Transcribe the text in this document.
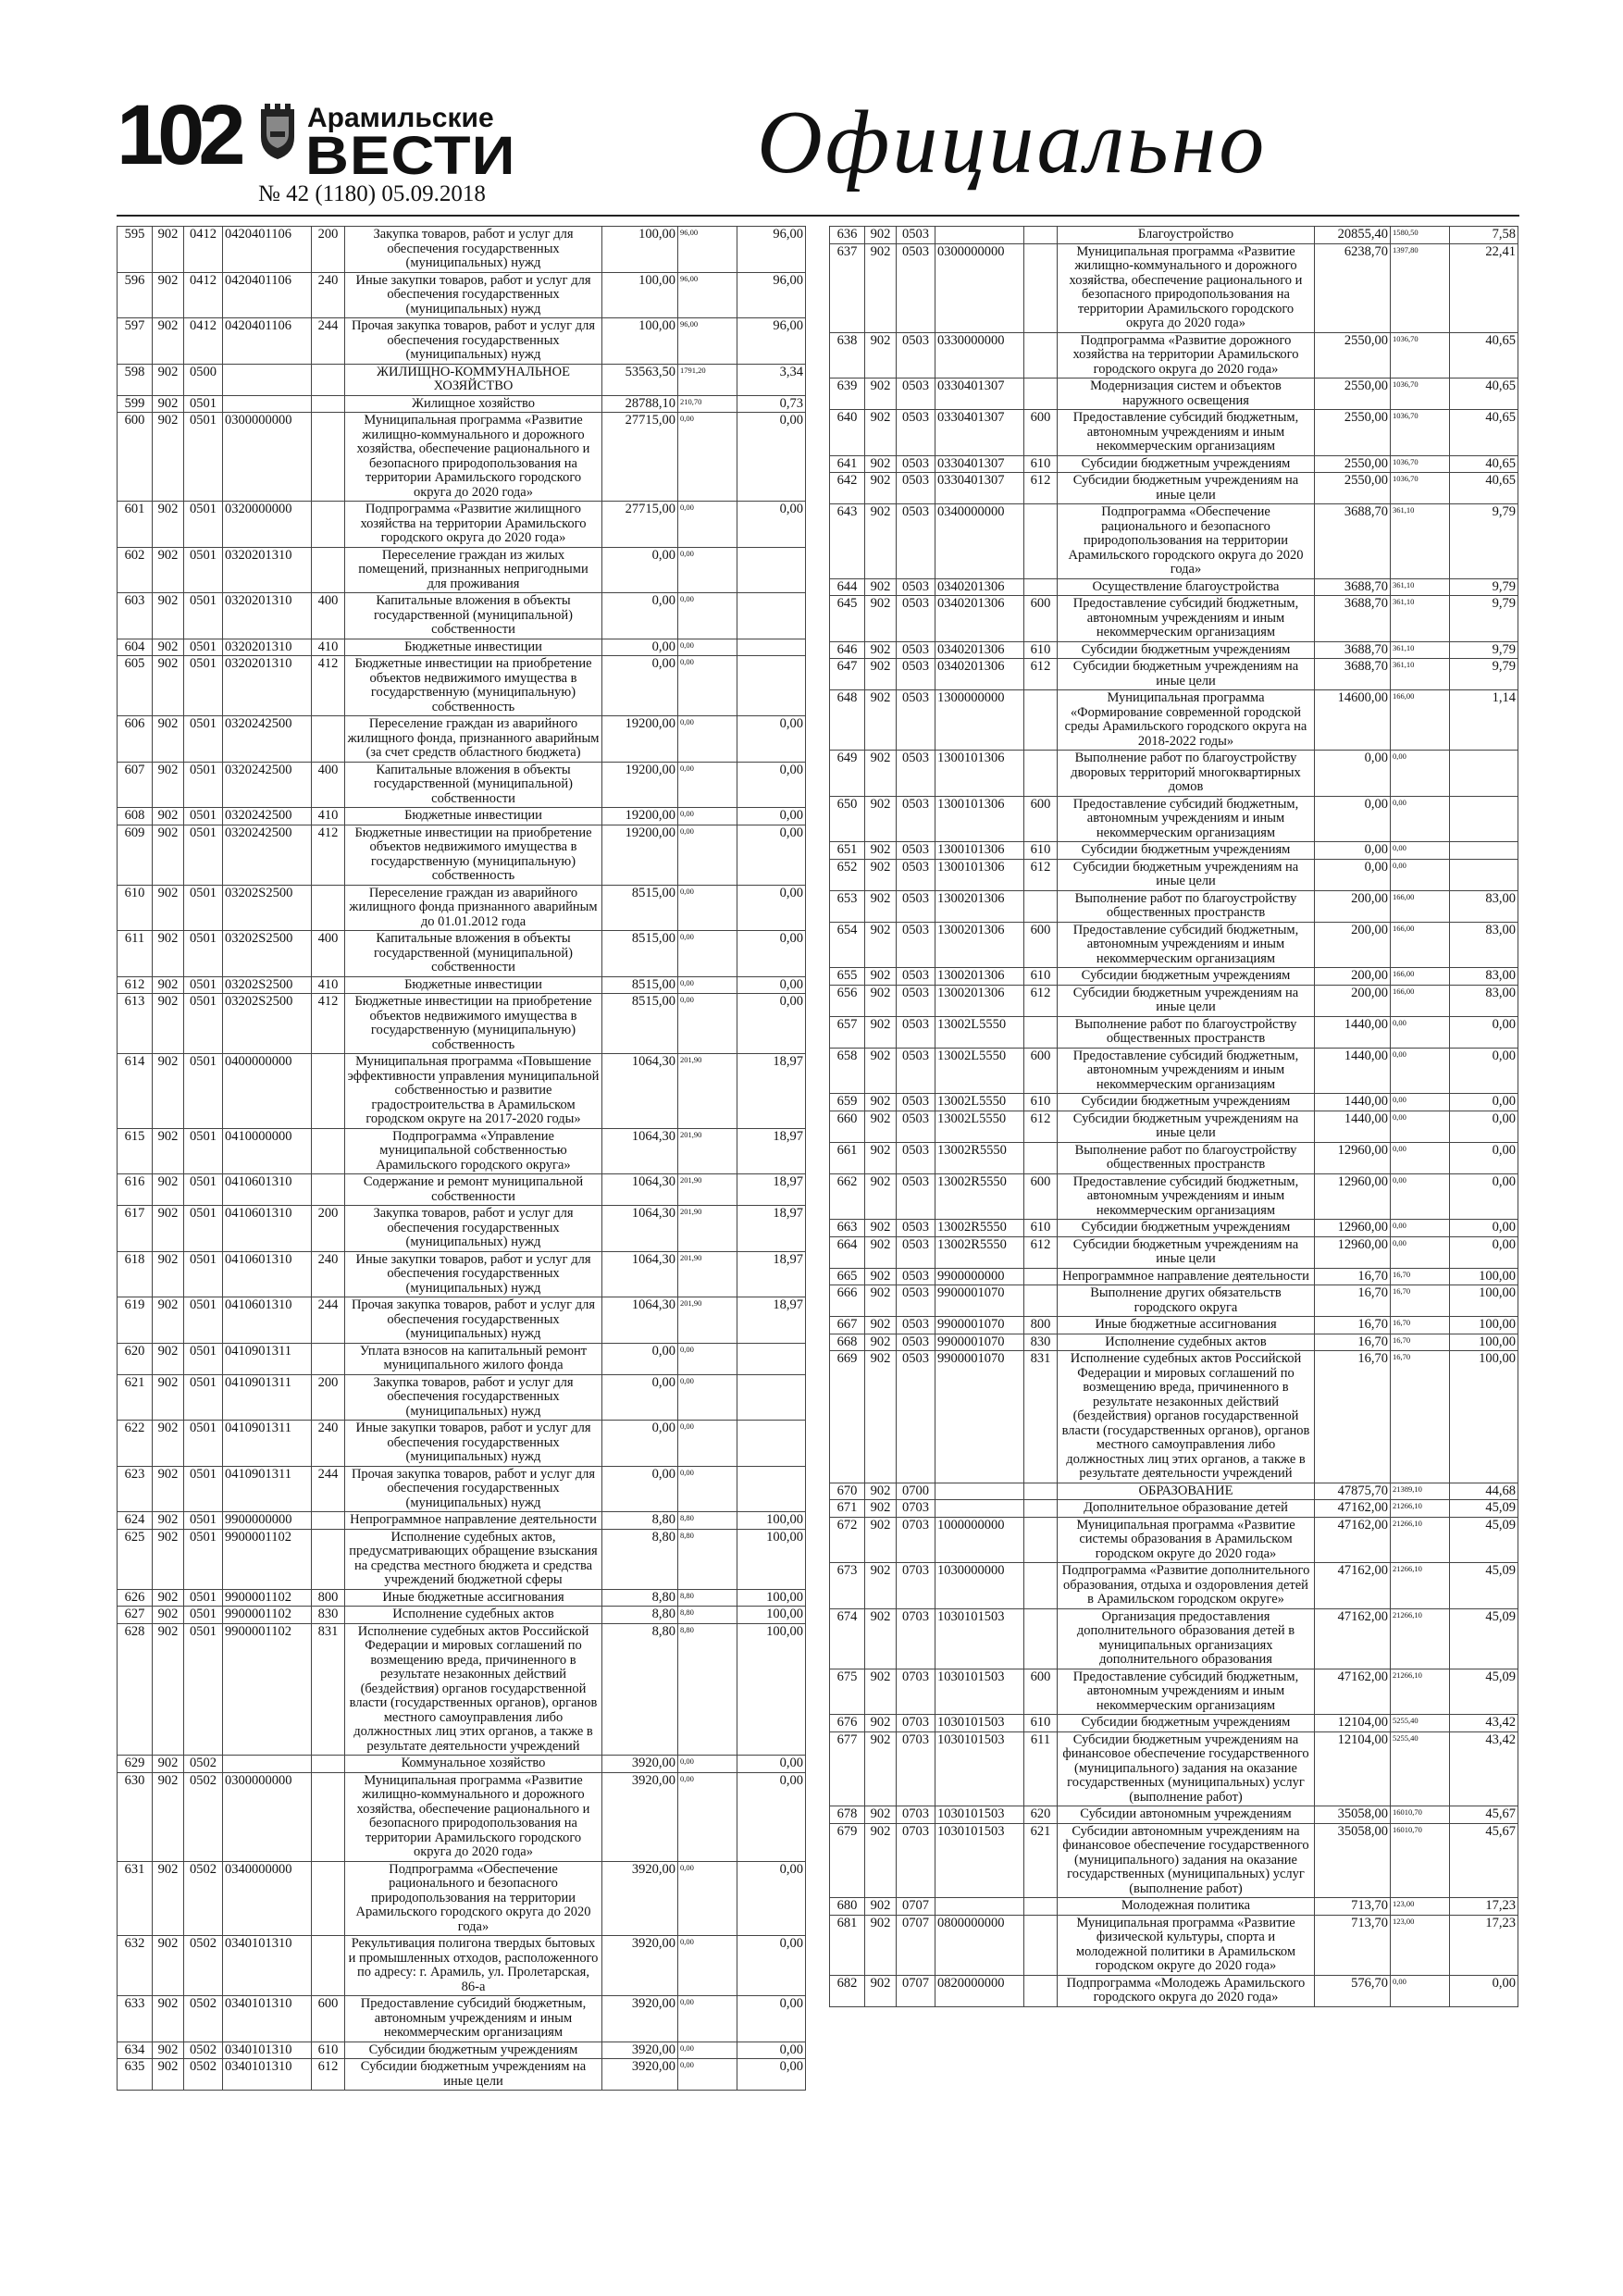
102 Арамильские
ВЕСТИ
№ 42 (1180) 05.09.2018
Официально
595	902	0412	0420401106	200	Закупка товаров, работ и услуг для обеспечения государственных (муниципальных) нужд	100,00	96,00	96,00
596	902	0412	0420401106	240	Иные закупки товаров, работ и услуг для обеспечения государственных (муниципальных) нужд	100,00	96,00	96,00
597	902	0412	0420401106	244	Прочая закупка товаров, работ и услуг для обеспечения государственных (муниципальных) нужд	100,00	96,00	96,00
598	902	0500			ЖИЛИЩНО-КОММУНАЛЬНОЕ ХОЗЯЙСТВО	53563,50	1791,20	3,34
599	902	0501			Жилищное хозяйство	28788,10	210,70	0,73
600	902	0501	0300000000		Муниципальная программа «Развитие жилищно-коммунального и дорожного хозяйства, обеспечение рационального и безопасного природопользования на территории Арамильского городского округа до 2020 года»	27715,00	0,00	0,00
601	902	0501	0320000000		Подпрограмма «Развитие жилищного хозяйства на территории Арамильского городского округа до 2020 года»	27715,00	0,00	0,00
602	902	0501	0320201310		Переселение граждан из жилых помещений, признанных непригодными для проживания	0,00	0,00	
603	902	0501	0320201310	400	Капитальные вложения в объекты государственной (муниципальной) собственности	0,00	0,00	
604	902	0501	0320201310	410	Бюджетные инвестиции	0,00	0,00	
605	902	0501	0320201310	412	Бюджетные инвестиции на приобретение объектов недвижимого имущества в государственную (муниципальную) собственность	0,00	0,00	
606	902	0501	0320242500		Переселение граждан из аварийного жилищного фонда, признанного аварийным (за счет средств областного бюджета)	19200,00	0,00	0,00
607	902	0501	0320242500	400	Капитальные вложения в объекты государственной (муниципальной) собственности	19200,00	0,00	0,00
608	902	0501	0320242500	410	Бюджетные инвестиции	19200,00	0,00	0,00
609	902	0501	0320242500	412	Бюджетные инвестиции на приобретение объектов недвижимого имущества в государственную (муниципальную) собственность	19200,00	0,00	0,00
610	902	0501	03202S2500		Переселение граждан из аварийного жилищного фонда признанного аварийным до 01.01.2012 года	8515,00	0,00	0,00
611	902	0501	03202S2500	400	Капитальные вложения в объекты государственной (муниципальной) собственности	8515,00	0,00	0,00
612	902	0501	03202S2500	410	Бюджетные инвестиции	8515,00	0,00	0,00
613	902	0501	03202S2500	412	Бюджетные инвестиции на приобретение объектов недвижимого имущества в государственную (муниципальную) собственность	8515,00	0,00	0,00
614	902	0501	0400000000		Муниципальная программа «Повышение эффективности управления муниципальной собственностью и развитие градостроительства в Арамильском городском округе на 2017-2020 годы»	1064,30	201,90	18,97
615	902	0501	0410000000		Подпрограмма «Управление муниципальной собственностью Арамильского городского округа»	1064,30	201,90	18,97
616	902	0501	0410601310		Содержание и ремонт муниципальной собственности	1064,30	201,90	18,97
617	902	0501	0410601310	200	Закупка товаров, работ и услуг для обеспечения государственных (муниципальных) нужд	1064,30	201,90	18,97
618	902	0501	0410601310	240	Иные закупки товаров, работ и услуг для обеспечения государственных (муниципальных) нужд	1064,30	201,90	18,97
619	902	0501	0410601310	244	Прочая закупка товаров, работ и услуг для обеспечения государственных (муниципальных) нужд	1064,30	201,90	18,97
620	902	0501	0410901311		Уплата взносов на капитальный ремонт муниципального жилого фонда	0,00	0,00	
621	902	0501	0410901311	200	Закупка товаров, работ и услуг для обеспечения государственных (муниципальных) нужд	0,00	0,00	
622	902	0501	0410901311	240	Иные закупки товаров, работ и услуг для обеспечения государственных (муниципальных) нужд	0,00	0,00	
623	902	0501	0410901311	244	Прочая закупка товаров, работ и услуг для обеспечения государственных (муниципальных) нужд	0,00	0,00	
624	902	0501	9900000000		Непрограммное направление деятельности	8,80	8,80	100,00
625	902	0501	9900001102		Исполнение судебных актов, предусматривающих обращение взыскания на средства местного бюджета и средства учреждений бюджетной сферы	8,80	8,80	100,00
626	902	0501	9900001102	800	Иные бюджетные ассигнования	8,80	8,80	100,00
627	902	0501	9900001102	830	Исполнение судебных актов	8,80	8,80	100,00
628	902	0501	9900001102	831	Исполнение судебных актов Российской Федерации и мировых соглашений по возмещению вреда, причиненного в результате незаконных действий (бездействия) органов государственной власти (государственных органов), органов местного самоуправления либо должностных лиц этих органов, а также в результате деятельности учреждений	8,80	8,80	100,00
629	902	0502			Коммунальное хозяйство	3920,00	0,00	0,00
630	902	0502	0300000000		Муниципальная программа «Развитие жилищно-коммунального и дорожного хозяйства, обеспечение рационального и безопасного природопользования на территории Арамильского городского округа до 2020 года»	3920,00	0,00	0,00
631	902	0502	0340000000		Подпрограмма «Обеспечение рационального и безопасного природопользования на территории Арамильского городского округа до 2020 года»	3920,00	0,00	0,00
632	902	0502	0340101310		Рекультивация полигона твердых бытовых и промышленных отходов, расположенного по адресу: г. Арамиль, ул. Пролетарская, 86-а	3920,00	0,00	0,00
633	902	0502	0340101310	600	Предоставление субсидий бюджетным, автономным учреждениям и иным некоммерческим организациям	3920,00	0,00	0,00
634	902	0502	0340101310	610	Субсидии бюджетным учреждениям	3920,00	0,00	0,00
635	902	0502	0340101310	612	Субсидии бюджетным учреждениям на иные цели	3920,00	0,00	0,00
636	902	0503			Благоустройство	20855,40	1580,50	7,58
637	902	0503	0300000000		Муниципальная программа «Развитие жилищно-коммунального и дорожного хозяйства, обеспечение рационального и безопасного природопользования на территории Арамильского городского округа до 2020 года»	6238,70	1397,80	22,41
638	902	0503	0330000000		Подпрограмма «Развитие дорожного хозяйства на территории Арамильского городского округа до 2020 года»	2550,00	1036,70	40,65
639	902	0503	0330401307		Модернизация систем и объектов наружного освещения	2550,00	1036,70	40,65
640	902	0503	0330401307	600	Предоставление субсидий бюджетным, автономным учреждениям и иным некоммерческим организациям	2550,00	1036,70	40,65
641	902	0503	0330401307	610	Субсидии бюджетным учреждениям	2550,00	1036,70	40,65
642	902	0503	0330401307	612	Субсидии бюджетным учреждениям на иные цели	2550,00	1036,70	40,65
643	902	0503	0340000000		Подпрограмма «Обеспечение рационального и безопасного природопользования на территории Арамильского городского округа до 2020 года»	3688,70	361,10	9,79
644	902	0503	0340201306		Осуществление благоустройства	3688,70	361,10	9,79
645	902	0503	0340201306	600	Предоставление субсидий бюджетным, автономным учреждениям и иным некоммерческим организациям	3688,70	361,10	9,79
646	902	0503	0340201306	610	Субсидии бюджетным учреждениям	3688,70	361,10	9,79
647	902	0503	0340201306	612	Субсидии бюджетным учреждениям на иные цели	3688,70	361,10	9,79
648	902	0503	1300000000		Муниципальная программа «Формирование современной городской среды Арамильского городского округа на 2018-2022 годы»	14600,00	166,00	1,14
649	902	0503	1300101306		Выполнение работ по благоустройству дворовых территорий многоквартирных домов	0,00	0,00	
650	902	0503	1300101306	600	Предоставление субсидий бюджетным, автономным учреждениям и иным некоммерческим организациям	0,00	0,00	
651	902	0503	1300101306	610	Субсидии бюджетным учреждениям	0,00	0,00	
652	902	0503	1300101306	612	Субсидии бюджетным учреждениям на иные цели	0,00	0,00	
653	902	0503	1300201306		Выполнение работ по благоустройству общественных пространств	200,00	166,00	83,00
654	902	0503	1300201306	600	Предоставление субсидий бюджетным, автономным учреждениям и иным некоммерческим организациям	200,00	166,00	83,00
655	902	0503	1300201306	610	Субсидии бюджетным учреждениям	200,00	166,00	83,00
656	902	0503	1300201306	612	Субсидии бюджетным учреждениям на иные цели	200,00	166,00	83,00
657	902	0503	13002L5550		Выполнение работ по благоустройству общественных пространств	1440,00	0,00	0,00
658	902	0503	13002L5550	600	Предоставление субсидий бюджетным, автономным учреждениям и иным некоммерческим организациям	1440,00	0,00	0,00
659	902	0503	13002L5550	610	Субсидии бюджетным учреждениям	1440,00	0,00	0,00
660	902	0503	13002L5550	612	Субсидии бюджетным учреждениям на иные цели	1440,00	0,00	0,00
661	902	0503	13002R5550		Выполнение работ по благоустройству общественных пространств	12960,00	0,00	0,00
662	902	0503	13002R5550	600	Предоставление субсидий бюджетным, автономным учреждениям и иным некоммерческим организациям	12960,00	0,00	0,00
663	902	0503	13002R5550	610	Субсидии бюджетным учреждениям	12960,00	0,00	0,00
664	902	0503	13002R5550	612	Субсидии бюджетным учреждениям на иные цели	12960,00	0,00	0,00
665	902	0503	9900000000		Непрограммное направление деятельности	16,70	16,70	100,00
666	902	0503	9900001070		Выполнение других обязательств городского округа	16,70	16,70	100,00
667	902	0503	9900001070	800	Иные бюджетные ассигнования	16,70	16,70	100,00
668	902	0503	9900001070	830	Исполнение судебных актов	16,70	16,70	100,00
669	902	0503	9900001070	831	Исполнение судебных актов Российской Федерации и мировых соглашений по возмещению вреда, причиненного в результате незаконных действий (бездействия) органов государственной власти (государственных органов), органов местного самоуправления либо должностных лиц этих органов, а также в результате деятельности учреждений	16,70	16,70	100,00
670	902	0700			ОБРАЗОВАНИЕ	47875,70	21389,10	44,68
671	902	0703			Дополнительное образование детей	47162,00	21266,10	45,09
672	902	0703	1000000000		Муниципальная программа «Развитие системы образования в Арамильском городском округе до 2020 года»	47162,00	21266,10	45,09
673	902	0703	1030000000		Подпрограмма «Развитие дополнительного образования, отдыха и оздоровления детей в Арамильском городском округе»	47162,00	21266,10	45,09
674	902	0703	1030101503		Организация предоставления дополнительного образования детей в муниципальных организациях дополнительного образования	47162,00	21266,10	45,09
675	902	0703	1030101503	600	Предоставление субсидий бюджетным, автономным учреждениям и иным некоммерческим организациям	47162,00	21266,10	45,09
676	902	0703	1030101503	610	Субсидии бюджетным учреждениям	12104,00	5255,40	43,42
677	902	0703	1030101503	611	Субсидии бюджетным учреждениям на финансовое обеспечение государственного (муниципального) задания на оказание государственных (муниципальных) услуг (выполнение работ)	12104,00	5255,40	43,42
678	902	0703	1030101503	620	Субсидии автономным учреждениям	35058,00	16010,70	45,67
679	902	0703	1030101503	621	Субсидии автономным учреждениям на финансовое обеспечение государственного (муниципального) задания на оказание государственных (муниципальных) услуг (выполнение работ)	35058,00	16010,70	45,67
680	902	0707			Молодежная политика	713,70	123,00	17,23
681	902	0707	0800000000		Муниципальная программа «Развитие физической культуры, спорта и молодежной политики в Арамильском городском округе до 2020 года»	713,70	123,00	17,23
682	902	0707	0820000000		Подпрограмма «Молодежь Арамильского городского округа до 2020 года»	576,70	0,00	0,00
